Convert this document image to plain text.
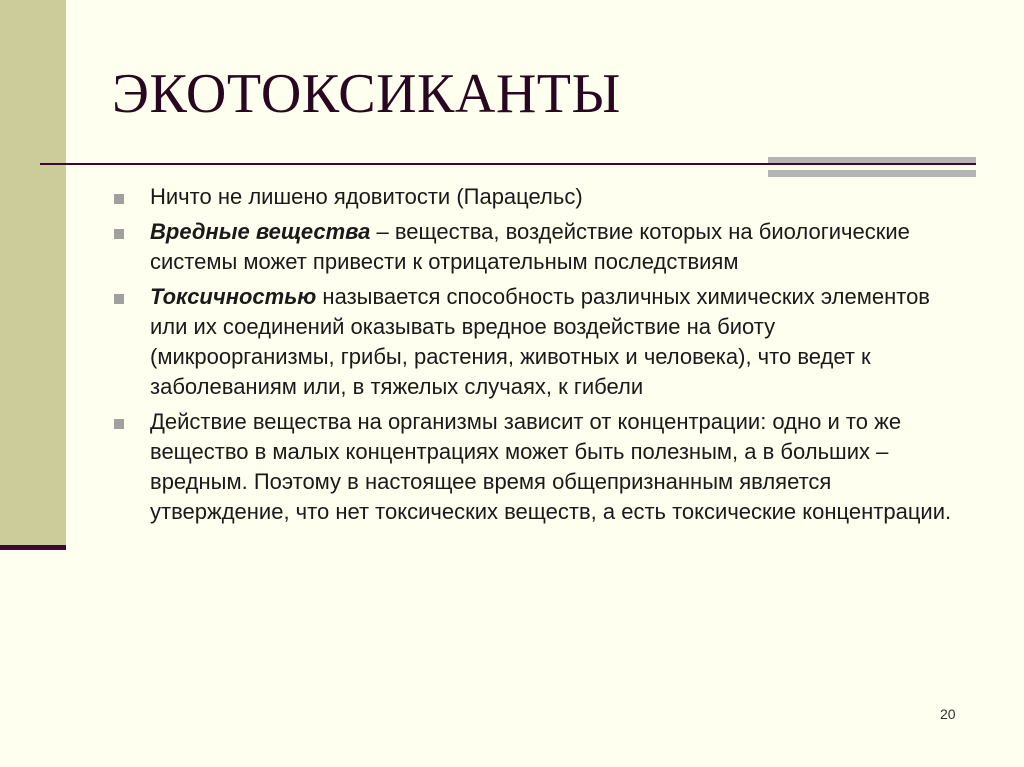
ЭКОТОКСИКАНТЫ
Ничто не лишено ядовитости (Парацельс)
Вредные вещества – вещества, воздействие которых на биологические системы может привести к отрицательным последствиям
Токсичностью называется способность различных химических элементов или их соединений оказывать вредное воздействие на биоту (микроорганизмы, грибы, растения, животных и человека), что ведет к заболеваниям или, в тяжелых случаях, к гибели
Действие вещества на организмы зависит от концентрации: одно и то же вещество в малых концентрациях может быть полезным, а в больших – вредным. Поэтому в настоящее время общепризнанным является утверждение, что нет токсических веществ, а есть токсические концентрации.
20
